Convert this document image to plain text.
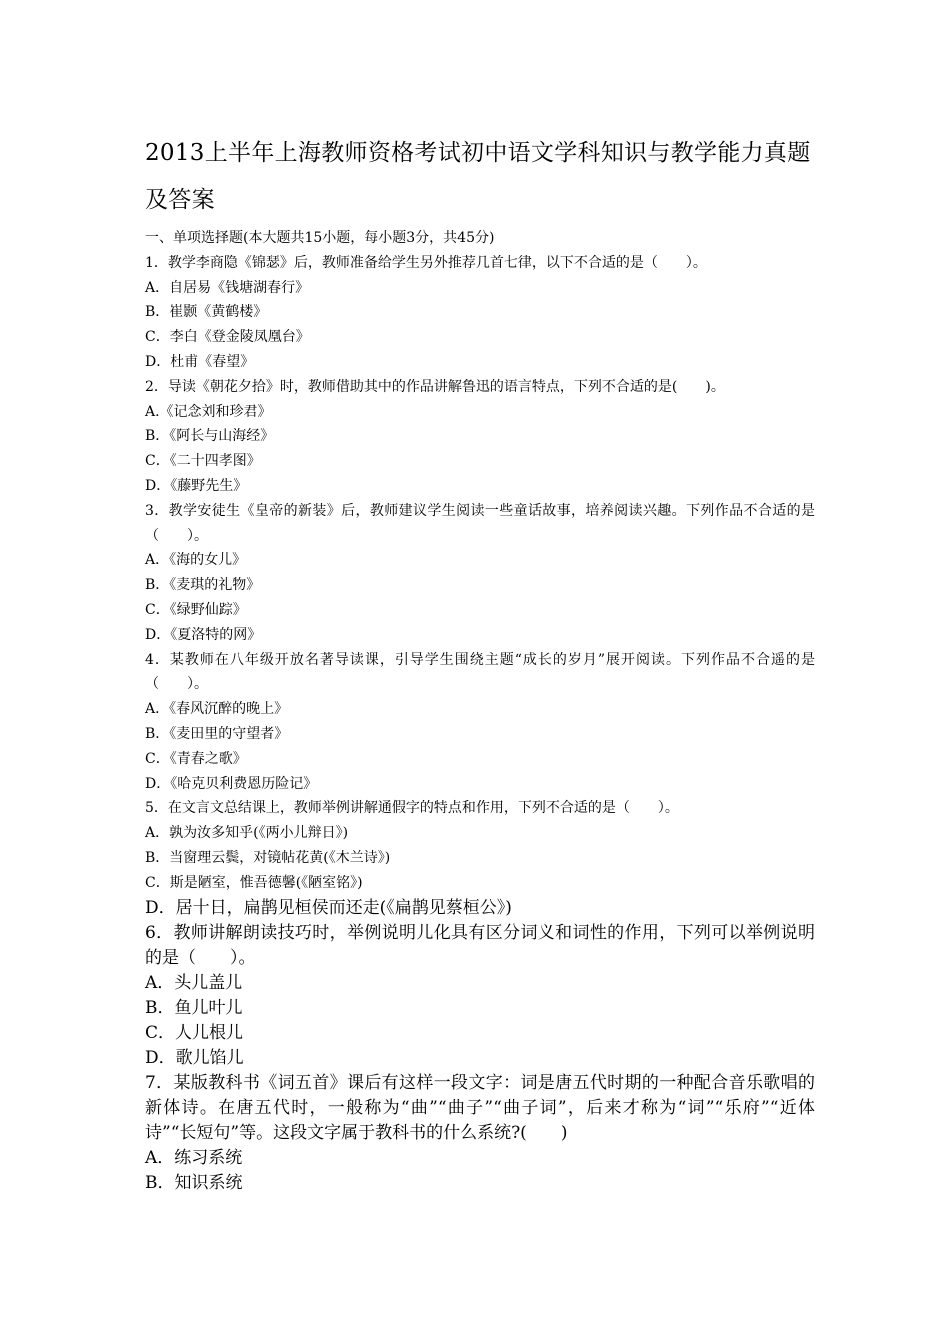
2013上半年上海教师资格考试初中语文学科知识与教学能力真题及答案

一、单项选择题(本大题共15小题，每小题3分，共45分)

1．教学李商隐《锦瑟》后，教师准备给学生另外推荐几首七律，以下不合适的是（　　）。

A．自居易《钱塘湖春行》

B．崔颢《黄鹤楼》

C．李白《登金陵凤凰台》

D．杜甫《春望》

2．导读《朝花夕拾》时，教师借助其中的作品讲解鲁迅的语言特点，下列不合适的是(　　)。

A.《记念刘和珍君》

B．《阿长与山海经》

C．《二十四孝图》

D．《藤野先生》

3．教学安徒生《皇帝的新装》后，教师建议学生阅读一些童话故事，培养阅读兴趣。下列作品不合适的是（　　）。

A．《海的女儿》

B．《麦琪的礼物》

C．《绿野仙踪》

D．《夏洛特的网》

4．某教师在八年级开放名著导读课，引导学生围绕主题“成长的岁月”展开阅读。下列作品不合遥的是（　　）。

A．《春风沉醉的晚上》

B．《麦田里的守望者》

C．《青春之歌》

D．《哈克贝利费恩历险记》

5．在文言文总结课上，教师举例讲解通假字的特点和作用，下列不合适的是（　　）。

A．孰为汝多知乎(《两小儿辩日》)

B．当窗理云鬓，对镜帖花黄(《木兰诗》)

C．斯是陋室，惟吾德馨(《陋室铭》)

D．居十日，扁鹊见桓侯而还走(《扁鹊见蔡桓公》)

6．教师讲解朗读技巧时，举例说明儿化具有区分词义和词性的作用，下列可以举例说明的是（　　）。

A．头儿盖儿

B．鱼儿叶儿

C．人儿根儿

D．歌儿馅儿

7．某版教科书《词五首》课后有这样一段文字：词是唐五代时期的一种配合音乐歌唱的新体诗。在唐五代时，一般称为“曲”“曲子”“曲子词”，后来才称为“词”“乐府”“近体诗”“长短句”等。这段文字属于教科书的什么系统?(　　)

A．练习系统

B．知识系统
